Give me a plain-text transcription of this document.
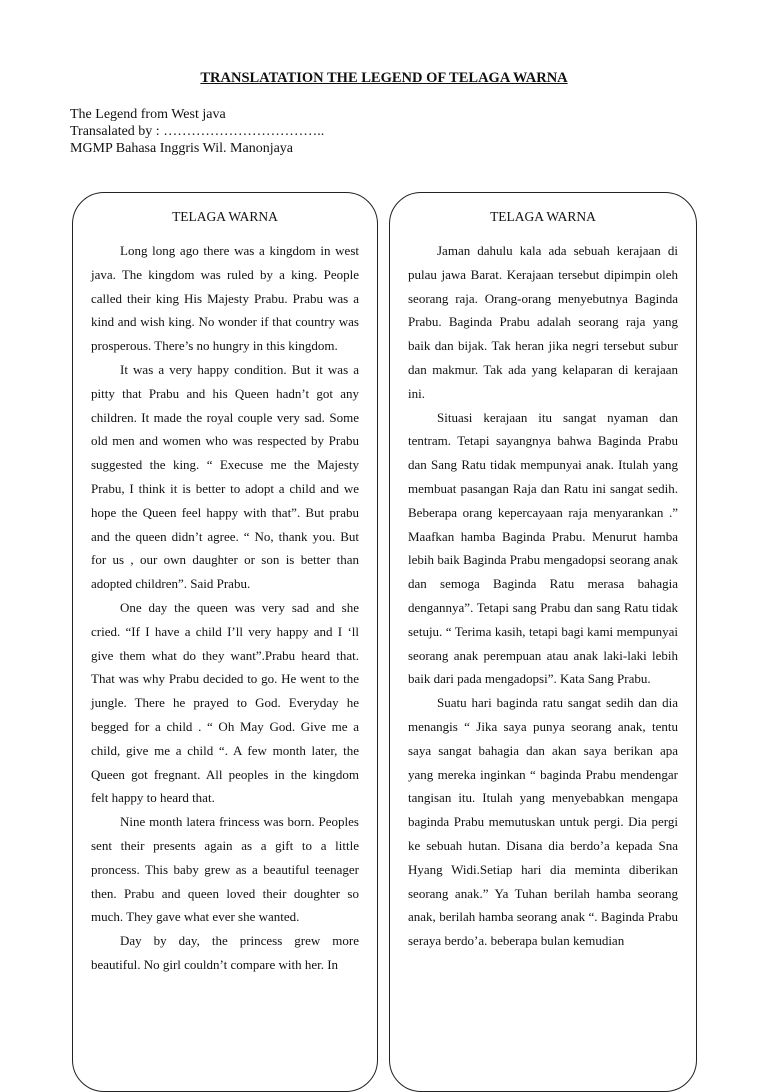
TRANSLATATION THE LEGEND OF TELAGA WARNA
The Legend from West java
Transalated by : ……………………………..
MGMP Bahasa Inggris Wil. Manonjaya
TELAGA WARNA

Long long ago there was a kingdom in west java. The kingdom was ruled by a king. People called their king His Majesty Prabu. Prabu was a kind and wish king. No wonder if that country was prosperous. There’s no hungry in this kingdom.

It was a very happy condition. But it was a pitty that Prabu and his Queen hadn’t got any children. It made the royal couple very sad. Some old men and women who was respected by Prabu suggested the king. “ Execuse me the Majesty Prabu, I think it is better to adopt a child and we hope the Queen feel happy with that”. But prabu and the queen didn’t agree. “ No, thank you. But for us , our own daughter or son is better than adopted children”. Said Prabu.

One day the queen was very sad and she cried. “If I have a child I’ll very happy and I ‘ll give them what do they want”.Prabu heard that. That was why Prabu decided to go. He went to the jungle. There he prayed to God. Everyday he begged for a child . “ Oh May God. Give me a child, give me a child “. A few month later, the Queen got fregnant. All peoples in the kingdom felt happy to heard that.

Nine month latera frincess was born. Peoples sent their presents again as a gift to a little proncess. This baby grew as a beautiful teenager then. Prabu and queen loved their doughter so much. They gave what ever she wanted.

Day by day, the princess grew more beautiful. No girl couldn’t compare with her. In

TELAGA WARNA

Jaman dahulu kala ada sebuah kerajaan di pulau jawa Barat. Kerajaan tersebut dipimpin oleh seorang raja. Orang-orang menyebutnya Baginda Prabu. Baginda Prabu adalah seorang raja yang baik dan bijak. Tak heran jika negri tersebut subur dan makmur. Tak ada yang kelaparan di kerajaan ini.

Situasi kerajaan itu sangat nyaman dan tentram. Tetapi sayangnya bahwa Baginda Prabu dan Sang Ratu tidak mempunyai anak. Itulah yang membuat pasangan Raja dan Ratu ini sangat sedih. Beberapa orang kepercayaan raja menyarankan .” Maafkan hamba Baginda Prabu. Menurut hamba lebih baik Baginda Prabu mengadopsi seorang anak dan semoga Baginda Ratu merasa bahagia dengannya”. Tetapi sang Prabu dan sang Ratu tidak setuju. “ Terima kasih, tetapi bagi kami mempunyai seorang anak perempuan atau anak laki-laki lebih baik dari pada mengadopsi”. Kata Sang Prabu.

Suatu hari baginda ratu sangat sedih dan dia menangis “ Jika saya punya seorang anak, tentu saya sangat bahagia dan akan saya berikan apa yang mereka inginkan “ baginda Prabu mendengar tangisan itu. Itulah yang menyebabkan mengapa baginda Prabu memutuskan untuk pergi. Dia pergi ke sebuah hutan. Disana dia berdo’a kepada Sna Hyang Widi.Setiap hari dia meminta diberikan seorang anak.” Ya Tuhan berilah hamba seorang anak, berilah hamba seorang anak “. Baginda Prabu seraya berdo’a. beberapa bulan kemudian
